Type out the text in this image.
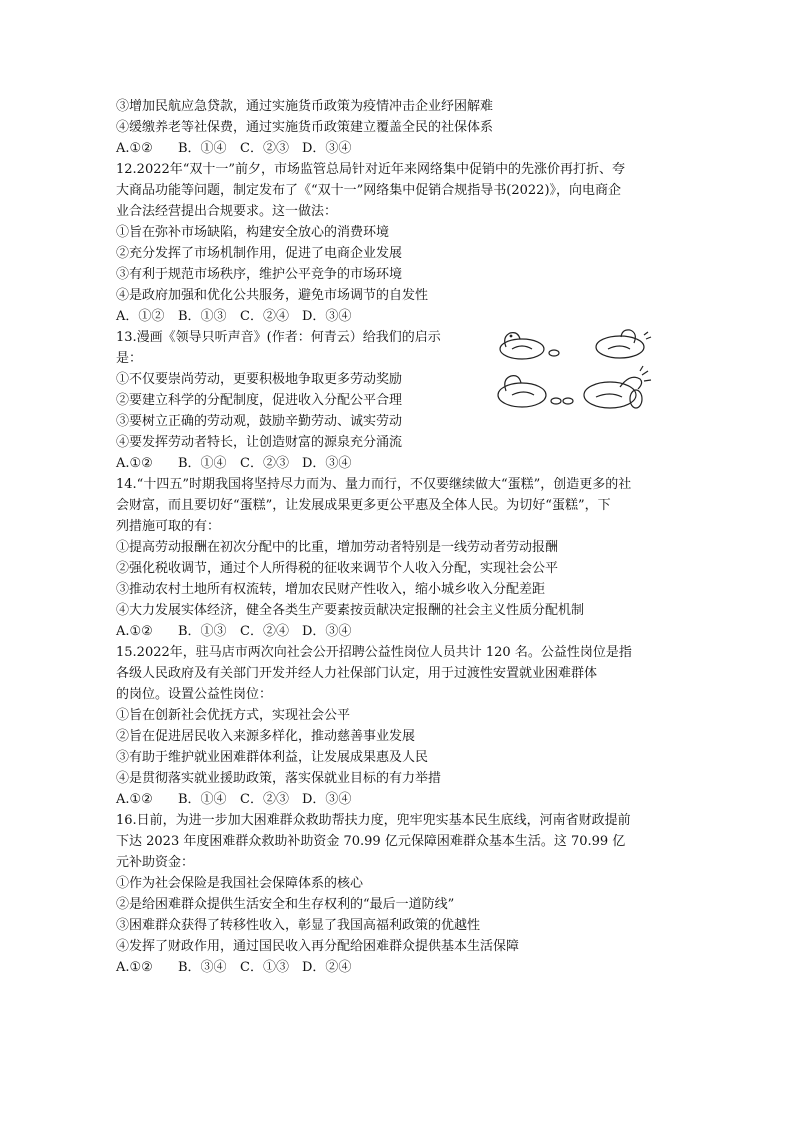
③增加民航应急贷款，通过实施货币政策为疫情冲击企业纾困解难
④缓缴养老等社保费，通过实施货币政策建立覆盖全民的社保体系
A.①②	B．①④	C．②③	D．③④
12.2022年“双十一”前夕，市场监管总局针对近年来网络集中促销中的先涨价再打折、夸
大商品功能等问题，制定发布了《“双十一”网络集中促销合规指导书(2022)》，向电商企
业合法经营提出合规要求。这一做法：
①旨在弥补市场缺陷，构建安全放心的消费环境
②充分发挥了市场机制作用，促进了电商企业发展
③有利于规范市场秩序，维护公平竞争的市场环境
④是政府加强和优化公共服务，避免市场调节的自发性
A．①②	B．①③	C．②④	D．③④
13.漫画《领导只听声音》(作者：何青云）给我们的启示
是：
①不仅要崇尚劳动，更要积极地争取更多劳动奖励
②要建立科学的分配制度，促进收入分配公平合理
③要树立正确的劳动观，鼓励辛勤劳动、诚实劳动
④要发挥劳动者特长，让创造财富的源泉充分涌流
A.①②	B．①④	C．②③	D．③④
14.“十四五”时期我国将坚持尽力而为、量力而行，不仅要继续做大“蛋糕”，创造更多的社
会财富，而且要切好“蛋糕”，让发展成果更多更公平惠及全体人民。为切好“蛋糕”，下
列措施可取的有：
①提高劳动报酬在初次分配中的比重，增加劳动者特别是一线劳动者劳动报酬
②强化税收调节，通过个人所得税的征收来调节个人收入分配，实现社会公平
③推动农村土地所有权流转，增加农民财产性收入，缩小城乡收入分配差距
④大力发展实体经济，健全各类生产要素按贡献决定报酬的社会主义性质分配机制
A.①②	B．①③	C．②④	D．③④
15.2022年，驻马店市两次向社会公开招聘公益性岗位人员共计 120 名。公益性岗位是指
各级人民政府及有关部门开发并经人力社保部门认定，用于过渡性安置就业困难群体
的岗位。设置公益性岗位：
①旨在创新社会优抚方式，实现社会公平
②旨在促进居民收入来源多样化，推动慈善事业发展
③有助于维护就业困难群体利益，让发展成果惠及人民
④是贯彻落实就业援助政策，落实保就业目标的有力举措
A.①②	B．①④	C．②③	D．③④
16.日前，为进一步加大困难群众救助帮扶力度，兜牢兜实基本民生底线，河南省财政提前
下达 2023 年度困难群众救助补助资金 70.99 亿元保障困难群众基本生活。这 70.99 亿
元补助资金：
①作为社会保险是我国社会保障体系的核心
②是给困难群众提供生活安全和生存权利的“最后一道防线”
③困难群众获得了转移性收入，彰显了我国高福利政策的优越性
④发挥了财政作用，通过国民收入再分配给困难群众提供基本生活保障
A.①②	B．③④	C．①③	D．②④
